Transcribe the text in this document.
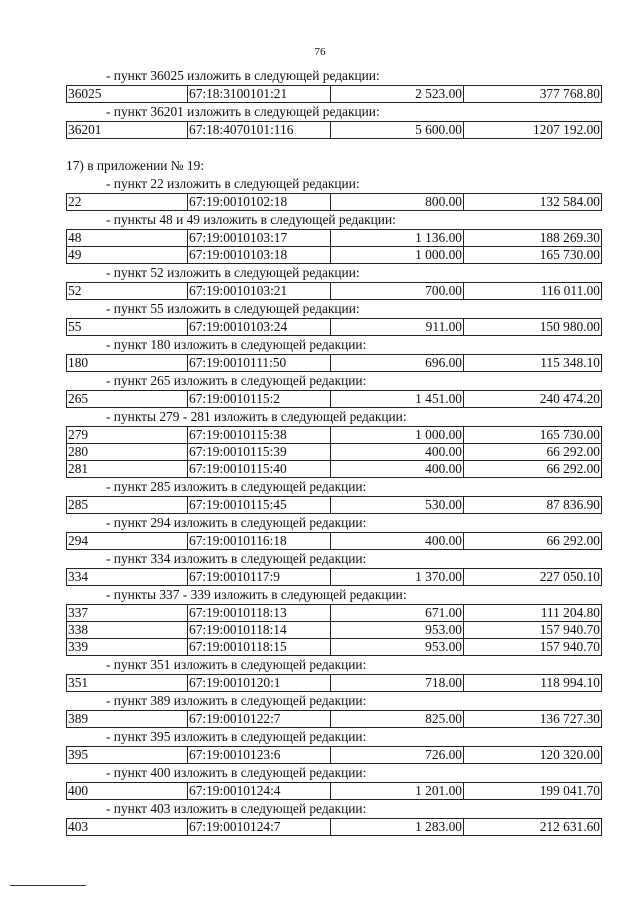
76
- пункт 36025 изложить в следующей редакции:
36025	67:18:3100101:21	2 523.00	377 768.80
- пункт 36201 изложить в следующей редакции:
36201	67:18:4070101:116	5 600.00	1207 192.00
17) в приложении № 19:
- пункт 22 изложить в следующей редакции:
22	67:19:0010102:18	800.00	132 584.00
- пункты 48 и 49 изложить в следующей редакции:
48	67:19:0010103:17	1 136.00	188 269.30
49	67:19:0010103:18	1 000.00	165 730.00
- пункт 52 изложить в следующей редакции:
52	67:19:0010103:21	700.00	116 011.00
- пункт 55 изложить в следующей редакции:
55	67:19:0010103:24	911.00	150 980.00
- пункт 180 изложить в следующей редакции:
180	67:19:0010111:50	696.00	115 348.10
- пункт 265 изложить в следующей редакции:
265	67:19:0010115:2	1 451.00	240 474.20
- пункты 279 - 281 изложить в следующей редакции:
279	67:19:0010115:38	1 000.00	165 730.00
280	67:19:0010115:39	400.00	66 292.00
281	67:19:0010115:40	400.00	66 292.00
- пункт 285 изложить в следующей редакции:
285	67:19:0010115:45	530.00	87 836.90
- пункт 294 изложить в следующей редакции:
294	67:19:0010116:18	400.00	66 292.00
- пункт 334 изложить в следующей редакции:
334	67:19:0010117:9	1 370.00	227 050.10
- пункты 337 - 339 изложить в следующей редакции:
337	67:19:0010118:13	671.00	111 204.80
338	67:19:0010118:14	953.00	157 940.70
339	67:19:0010118:15	953.00	157 940.70
- пункт 351 изложить в следующей редакции:
351	67:19:0010120:1	718.00	118 994.10
- пункт 389 изложить в следующей редакции:
389	67:19:0010122:7	825.00	136 727.30
- пункт 395 изложить в следующей редакции:
395	67:19:0010123:6	726.00	120 320.00
- пункт 400 изложить в следующей редакции:
400	67:19:0010124:4	1 201.00	199 041.70
- пункт 403 изложить в следующей редакции:
403	67:19:0010124:7	1 283.00	212 631.60
